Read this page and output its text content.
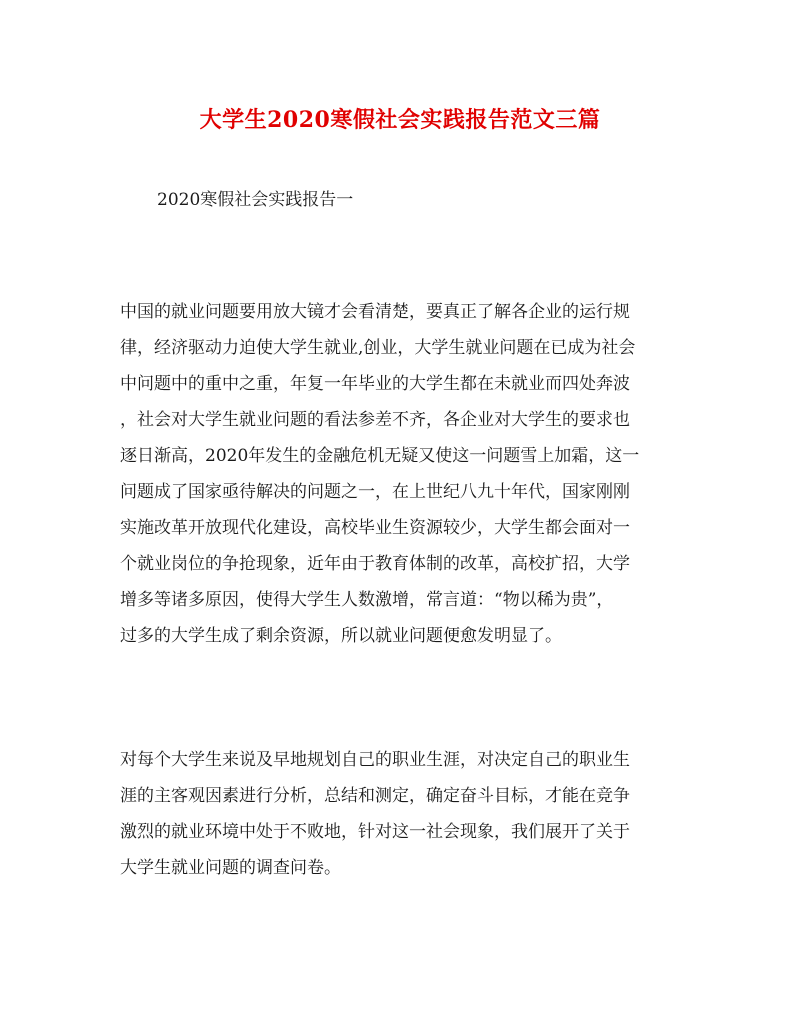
大学生2020寒假社会实践报告范文三篇
2020寒假社会实践报告一
中国的就业问题要用放大镜才会看清楚，要真正了解各企业的运行规
律，经济驱动力迫使大学生就业,创业，大学生就业问题在已成为社会
中问题中的重中之重，年复一年毕业的大学生都在未就业而四处奔波
，社会对大学生就业问题的看法参差不齐，各企业对大学生的要求也
逐日渐高，2020年发生的金融危机无疑又使这一问题雪上加霜，这一
问题成了国家亟待解决的问题之一，在上世纪八九十年代，国家刚刚
实施改革开放现代化建设，高校毕业生资源较少，大学生都会面对一
个就业岗位的争抢现象，近年由于教育体制的改革，高校扩招，大学
增多等诸多原因，使得大学生人数激增，常言道：“物以稀为贵”，
过多的大学生成了剩余资源，所以就业问题便愈发明显了。
对每个大学生来说及早地规划自己的职业生涯，对决定自己的职业生
涯的主客观因素进行分析，总结和测定，确定奋斗目标，才能在竞争
激烈的就业环境中处于不败地，针对这一社会现象，我们展开了关于
大学生就业问题的调查问卷。
